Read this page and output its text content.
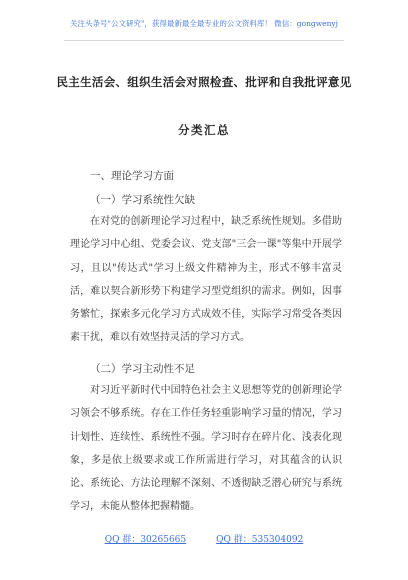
关注头条号"公文研究"，获得最新最全最专业的公文资料库！ 微信：gongwenyj
民主生活会、组织生活会对照检查、批评和自我批评意见
分类汇总
一、理论学习方面
（一）学习系统性欠缺
在对党的创新理论学习过程中，缺乏系统性规划。多借助理论学习中心组、党委会议、党支部"三会一课"等集中开展学习，且以"传达式"学习上级文件精神为主，形式不够丰富灵活，难以契合新形势下构建学习型党组织的需求。例如，因事务繁忙，探索多元化学习方式成效不佳，实际学习常受各类因素干扰，难以有效坚持灵活的学习方式。
（二）学习主动性不足
对习近平新时代中国特色社会主义思想等党的创新理论学习领会不够系统。存在工作任务轻重影响学习量的情况，学习计划性、连续性、系统性不强。学习时存在碎片化、浅表化现象，多是依上级要求或工作所需进行学习，对其蕴含的认识论、系统论、方法论理解不深刻、不透彻缺乏潜心研究与系统学习，未能从整体把握精髓。
QQ 群：30265665	QQ 群：535304092
